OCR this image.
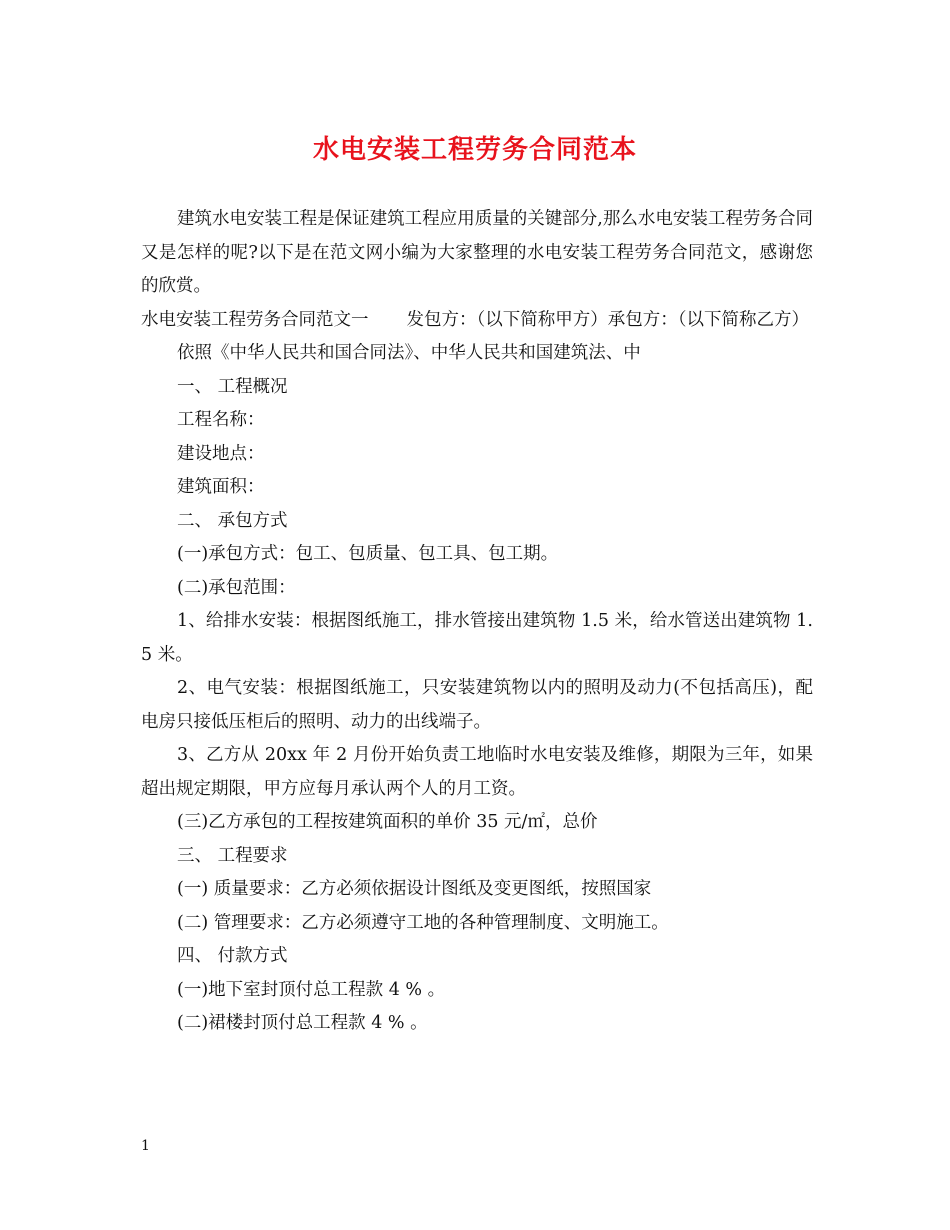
水电安装工程劳务合同范本

建筑水电安装工程是保证建筑工程应用质量的关键部分,那么水电安装工程劳务合同又是怎样的呢?以下是在范文网小编为大家整理的水电安装工程劳务合同范文，感谢您的欣赏。

水电安装工程劳务合同范文一 发包方：（以下简称甲方）承包方：（以下简称乙方）

依照《中华人民共和国合同法》、中华人民共和国建筑法、中

一、 工程概况

工程名称：

建设地点：

建筑面积：

二、 承包方式

(一)承包方式：包工、包质量、包工具、包工期。

(二)承包范围：

1、给排水安装：根据图纸施工，排水管接出建筑物 1.5 米，给水管送出建筑物 1.5 米。

2、电气安装：根据图纸施工，只安装建筑物以内的照明及动力(不包括高压)，配电房只接低压柜后的照明、动力的出线端子。

3、乙方从 20xx 年 2 月份开始负责工地临时水电安装及维修，期限为三年，如果超出规定期限，甲方应每月承认两个人的月工资。

(三)乙方承包的工程按建筑面积的单价 35 元/㎡，总价

三、 工程要求

(一) 质量要求：乙方必须依据设计图纸及变更图纸，按照国家

(二) 管理要求：乙方必须遵守工地的各种管理制度、文明施工。

四、 付款方式

(一)地下室封顶付总工程款 4 % 。

(二)裙楼封顶付总工程款 4 % 。

1
